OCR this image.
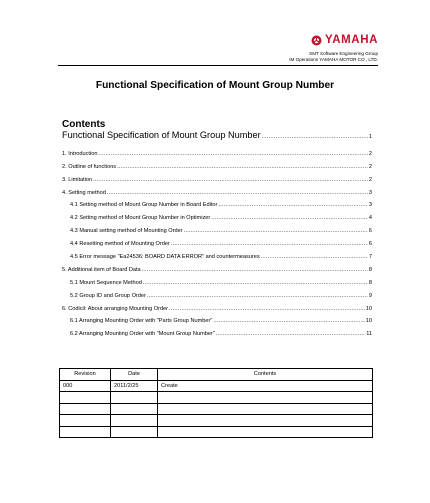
YAMAHA
SMT Software Engineering Group
IM Operations YAMAHA MOTOR CO., LTD.
Functional Specification of Mount Group Number
Contents
Functional Specification of Mount Group Number .....	1
1. Introduction .....	2
2. Outline of functions .....	2
3. Limitation .....	2
4. Setting method .....	3
4.1 Setting method of Mount Group Number in Board Editor .....	3
4.2 Setting method of Mount Group Number in Optimizer .....	4
4.3 Manual setting method of Mounting Order .....	6
4.4 Resetting method of Mounting Order .....	6
4.5 Error message "Ea24536: BOARD DATA ERROR" and countermeasures .....	7
5. Additional item of Board Data .....	8
5.1 Mount Sequence Method .....	8
5.2 Group ID and Group Order .....	9
6. Codicil: About arranging Mounting Order .....	10
6.1 Arranging Mounting Order with "Parts Group Number" .....	10
6.2 Arranging Mounting Order with "Mount Group Number" .....	11
Revision	Date	Contents
000	2011/2/25	Create
